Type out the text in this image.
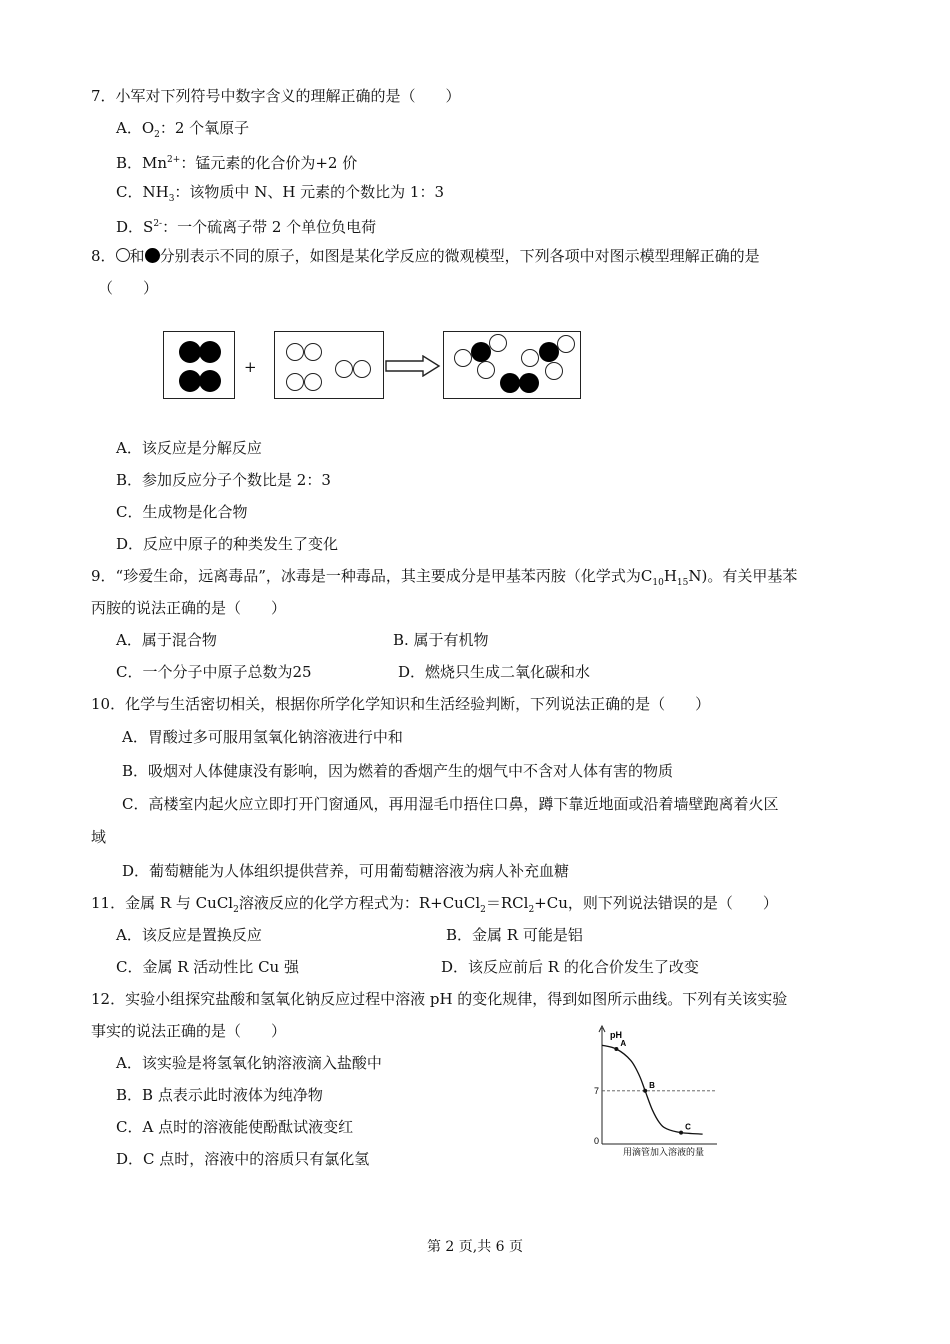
7．小军对下列符号中数字含义的理解正确的是（　　）
A．$O_2$：2 个氧原子
B．$Mn^{2+}$：锰元素的化合价为+2 价
C．$NH_3$：该物质中 N、H 元素的个数比为 1：3
D．$S^{2-}$：一个硫离子带 2 个单位负电荷
8． 和 分别表示不同的原子，如图是某化学反应的微观模型，下列各项中对图示模型理解正确的是
（　　）
+
A．该反应是分解反应
B．参加反应分子个数比是 2：3
C．生成物是化合物
D．反应中原子的种类发生了变化
9．“珍爱生命，远离毒品”，冰毒是一种毒品，其主要成分是甲基苯丙胺（化学式为$C_{10}H_{15}N$)。有关甲基苯
丙胺的说法正确的是（　　）
A．属于混合物	B. 属于有机物
C．一个分子中原子总数为25	D．燃烧只生成二氧化碳和水
10．化学与生活密切相关，根据你所学化学知识和生活经验判断，下列说法正确的是（　　）
A．胃酸过多可服用氢氧化钠溶液进行中和
B．吸烟对人体健康没有影响，因为燃着的香烟产生的烟气中不含对人体有害的物质
C．高楼室内起火应立即打开门窗通风，再用湿毛巾捂住口鼻，蹲下靠近地面或沿着墙壁跑离着火区
域
D．葡萄糖能为人体组织提供营养，可用葡萄糖溶液为病人补充血糖
11．金属 R 与 CuCl$_2$溶液反应的化学方程式为：R+CuCl$_2$＝RCl$_2$+Cu，则下列说法错误的是（　　）
A．该反应是置换反应	B．金属 R 可能是铝
C．金属 R 活动性比 Cu 强	D．该反应前后 R 的化合价发生了改变
12．实验小组探究盐酸和氢氧化钠反应过程中溶液 pH 的变化规律，得到如图所示曲线。下列有关该实验
事实的说法正确的是（　　）
A．该实验是将氢氧化钠溶液滴入盐酸中
B．B 点表示此时液体为纯净物
C．A 点时的溶液能使酚酞试液变红
D．C 点时，溶液中的溶质只有氯化氢
A
B
C
pH
7
0
用滴管加入溶液的量
第 2 页,共 6 页
